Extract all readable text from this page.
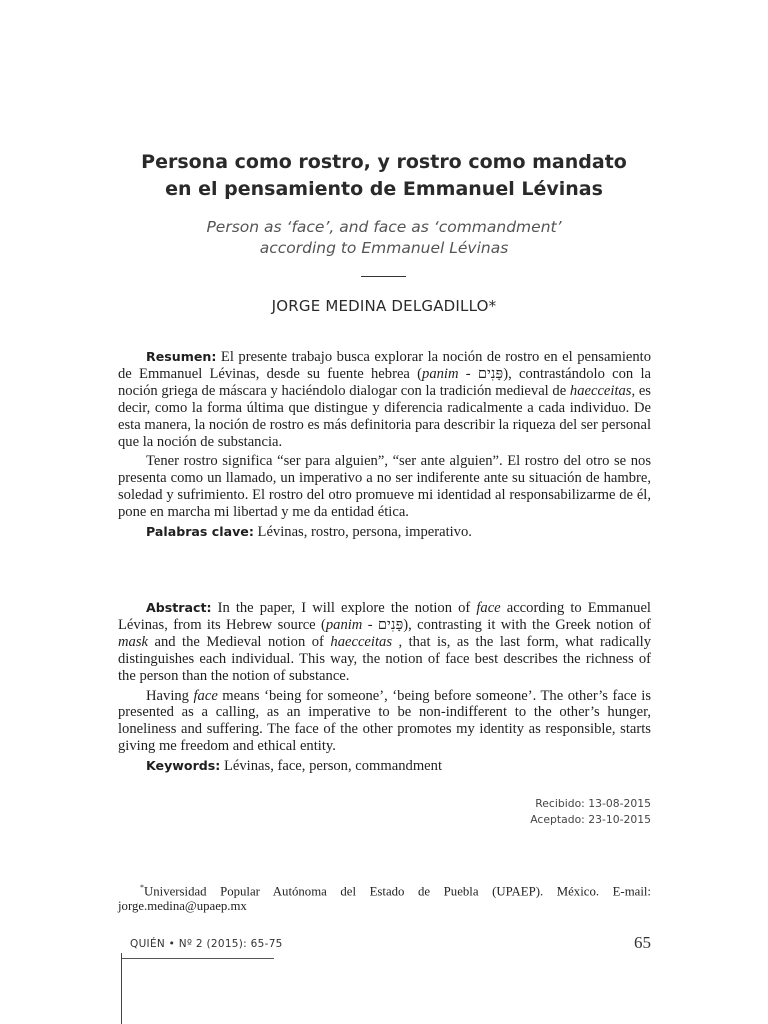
Persona como rostro, y rostro como mandato
en el pensamiento de Emmanuel Lévinas
Person as ‘face’, and face as ‘commandment’
according to Emmanuel Lévinas
JORGE MEDINA DELGADILLO*

Resumen: El presente trabajo busca explorar la noción de rostro en el pensamiento de Emmanuel Lévinas, desde su fuente hebrea (panim - פָּנִים), contrastándolo con la noción griega de máscara y haciéndolo dialogar con la tradición medieval de haecceitas, es decir, como la forma última que distingue y diferencia radicalmente a cada individuo. De esta manera, la noción de rostro es más definitoria para describir la riqueza del ser personal que la noción de substancia.

Tener rostro significa “ser para alguien”, “ser ante alguien”. El rostro del otro se nos presenta como un llamado, un imperativo a no ser indiferente ante su situación de hambre, soledad y sufrimiento. El rostro del otro promueve mi identidad al responsabilizarme de él, pone en marcha mi libertad y me da entidad ética.

Palabras clave: Lévinas, rostro, persona, imperativo.

Abstract: In the paper, I will explore the notion of face according to Emmanuel Lévinas, from its Hebrew source (panim - פָּנִים), contrasting it with the Greek notion of mask and the Medieval notion of haecceitas , that is, as the last form, what radically distinguishes each individual. This way, the notion of face best describes the richness of the person than the notion of substance.

Having face means ‘being for someone’, ‘being before someone’. The other’s face is presented as a calling, as an imperative to be non-indifferent to the other’s hunger, loneliness and suffering. The face of the other promotes my identity as responsible, starts giving me freedom and ethical entity.

Keywords: Lévinas, face, person, commandment

Recibido: 13-08-2015
Aceptado: 23-10-2015
*Universidad Popular Autónoma del Estado de Puebla (UPAEP). México. E-mail: jorge.medina@upaep.mx
QUIÉN • Nº 2 (2015): 65-75	65
